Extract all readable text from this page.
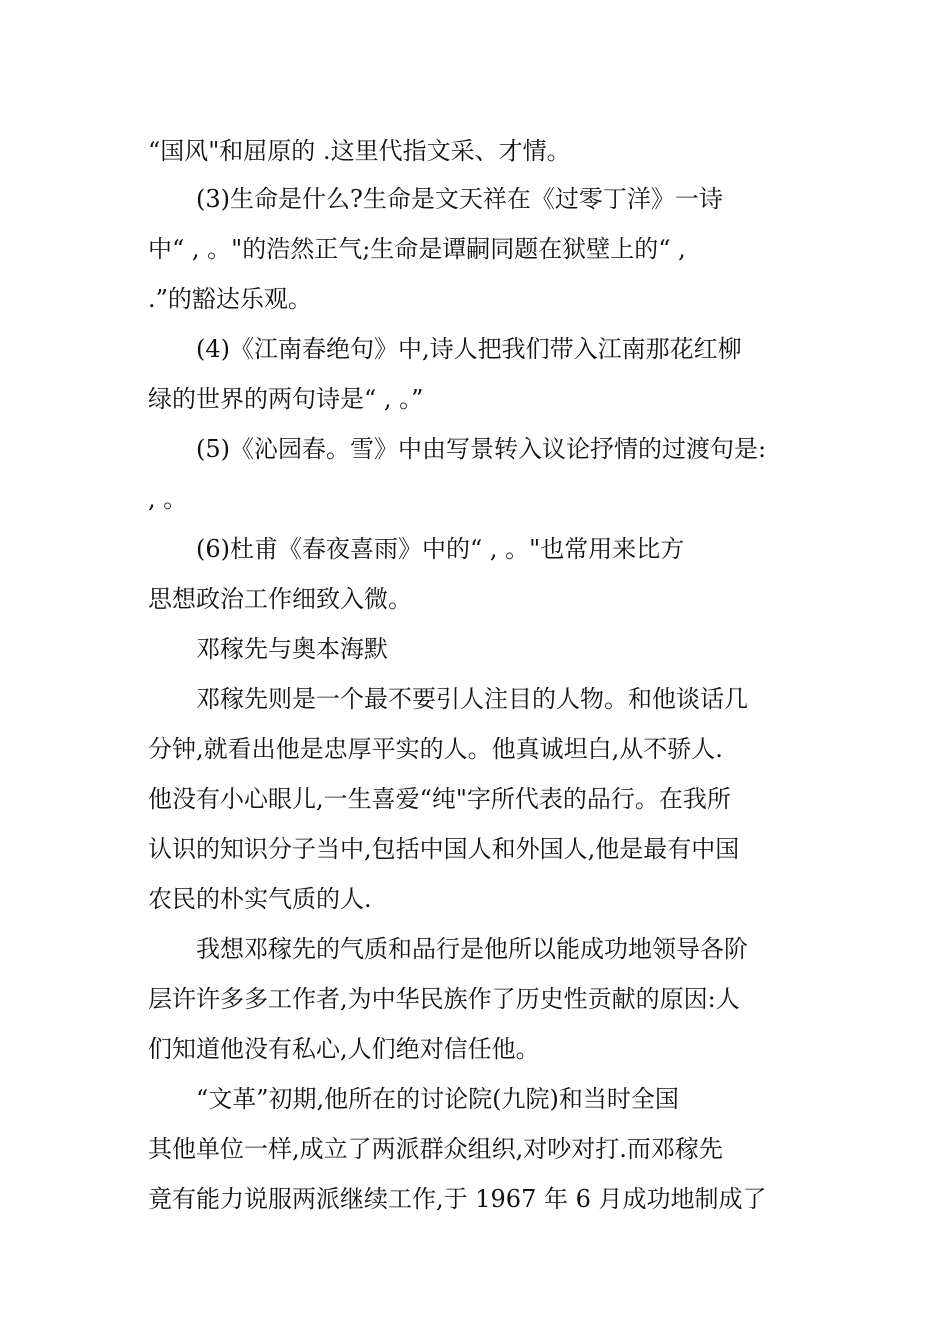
“国风"和屈原的 .这里代指文采、才情。

(3)生命是什么?生命是文天祥在《过零丁洋》一诗

中“ , 。"的浩然正气;生命是谭嗣同题在狱壁上的“ ,

.”的豁达乐观。

(4)《江南春绝句》中,诗人把我们带入江南那花红柳

绿的世界的两句诗是“ , 。”

(5)《沁园春。雪》中由写景转入议论抒情的过渡句是:

, 。

(6)杜甫《春夜喜雨》中的“ , 。"也常用来比方

思想政治工作细致入微。

邓稼先与奥本海默

邓稼先则是一个最不要引人注目的人物。和他谈话几

分钟,就看出他是忠厚平实的人。他真诚坦白,从不骄人.

他没有小心眼儿,一生喜爱“纯"字所代表的品行。在我所

认识的知识分子当中,包括中国人和外国人,他是最有中国

农民的朴实气质的人.

我想邓稼先的气质和品行是他所以能成功地领导各阶

层许许多多工作者,为中华民族作了历史性贡献的原因:人

们知道他没有私心,人们绝对信任他。

“文革”初期,他所在的讨论院(九院)和当时全国

其他单位一样,成立了两派群众组织,对吵对打.而邓稼先

竟有能力说服两派继续工作,于 1967 年 6 月成功地制成了
